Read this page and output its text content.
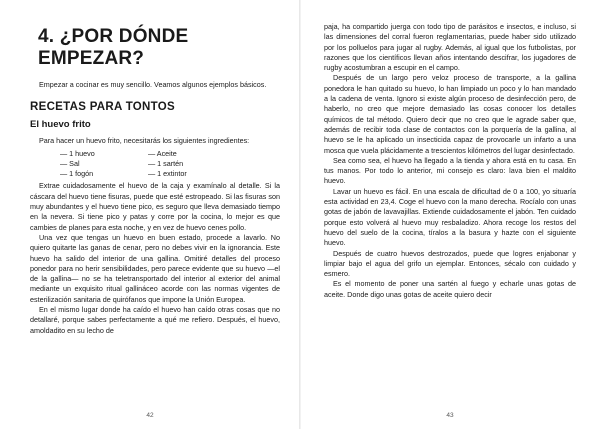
4. ¿POR DÓNDE EMPEZAR?

Empezar a cocinar es muy sencillo. Veamos algunos ejemplos básicos.

RECETAS PARA TONTOS
El huevo frito

Para hacer un huevo frito, necesitarás los siguientes ingredientes:

— 1 huevo	— Aceite
— Sal	— 1 sartén
— 1 fogón	— 1 extintor

Extrae cuidadosamente el huevo de la caja y examínalo al detalle. Si la cáscara del huevo tiene fisuras, puede que esté estropeado. Si las fisuras son muy abundantes y el huevo tiene pico, es seguro que lleva demasiado tiempo en la nevera. Si tiene pico y patas y corre por la cocina, lo mejor es que cambies de planes para esta noche, y en vez de huevo cenes pollo.

Una vez que tengas un huevo en buen estado, procede a lavarlo. No quiero quitarte las ganas de cenar, pero no debes vivir en la ignorancia. Este huevo ha salido del interior de una gallina. Omitiré detalles del proceso ponedor para no herir sensibilidades, pero parece evidente que su huevo —el de la gallina— no se ha teletransportado del interior al exterior del animal mediante un exquisito ritual gallináceo acorde con las normas vigentes de esterilización sanitaria de quirófanos que impone la Unión Europea.

En el mismo lugar donde ha caído el huevo han caído otras cosas que no detallaré, porque sabes perfectamente a qué me refiero. Después, el huevo, amoldadito en su lecho de

42

paja, ha compartido juerga con todo tipo de parásitos e insectos, e incluso, si las dimensiones del corral fueron reglamentarias, puede haber sido utilizado por los polluelos para jugar al rugby. Además, al igual que los futbolistas, por razones que los científicos llevan años intentando descifrar, los jugadores de rugby acostumbran a escupir en el campo.

Después de un largo pero veloz proceso de transporte, a la gallina ponedora le han quitado su huevo, lo han limpiado un poco y lo han mandado a la cadena de venta. Ignoro si existe algún proceso de desinfección pero, de haberlo, no creo que mejore demasiado las cosas conocer los detalles químicos de tal método. Quiero decir que no creo que le agrade saber que, además de recibir toda clase de contactos con la porquería de la gallina, al huevo se le ha aplicado un insecticida capaz de provocarle un infarto a una mosca que vuela plácidamente a trescientos kilómetros del lugar desinfectado.

Sea como sea, el huevo ha llegado a la tienda y ahora está en tu casa. En tus manos. Por todo lo anterior, mi consejo es claro: lava bien el maldito huevo.

Lavar un huevo es fácil. En una escala de dificultad de 0 a 100, yo situaría esta actividad en 23,4. Coge el huevo con la mano derecha. Rocíalo con unas gotas de jabón de lavavajillas. Extiende cuidadosamente el jabón. Ten cuidado porque esto volverá al huevo muy resbaladizo. Ahora recoge los restos del huevo del suelo de la cocina, tíralos a la basura y hazte con el siguiente huevo.

Después de cuatro huevos destrozados, puede que logres enjabonar y limpiar bajo el agua del grifo un ejemplar. Entonces, sécalo con cuidado y esmero.

Es el momento de poner una sartén al fuego y echarle unas gotas de aceite. Donde digo unas gotas de aceite quiero decir

43
